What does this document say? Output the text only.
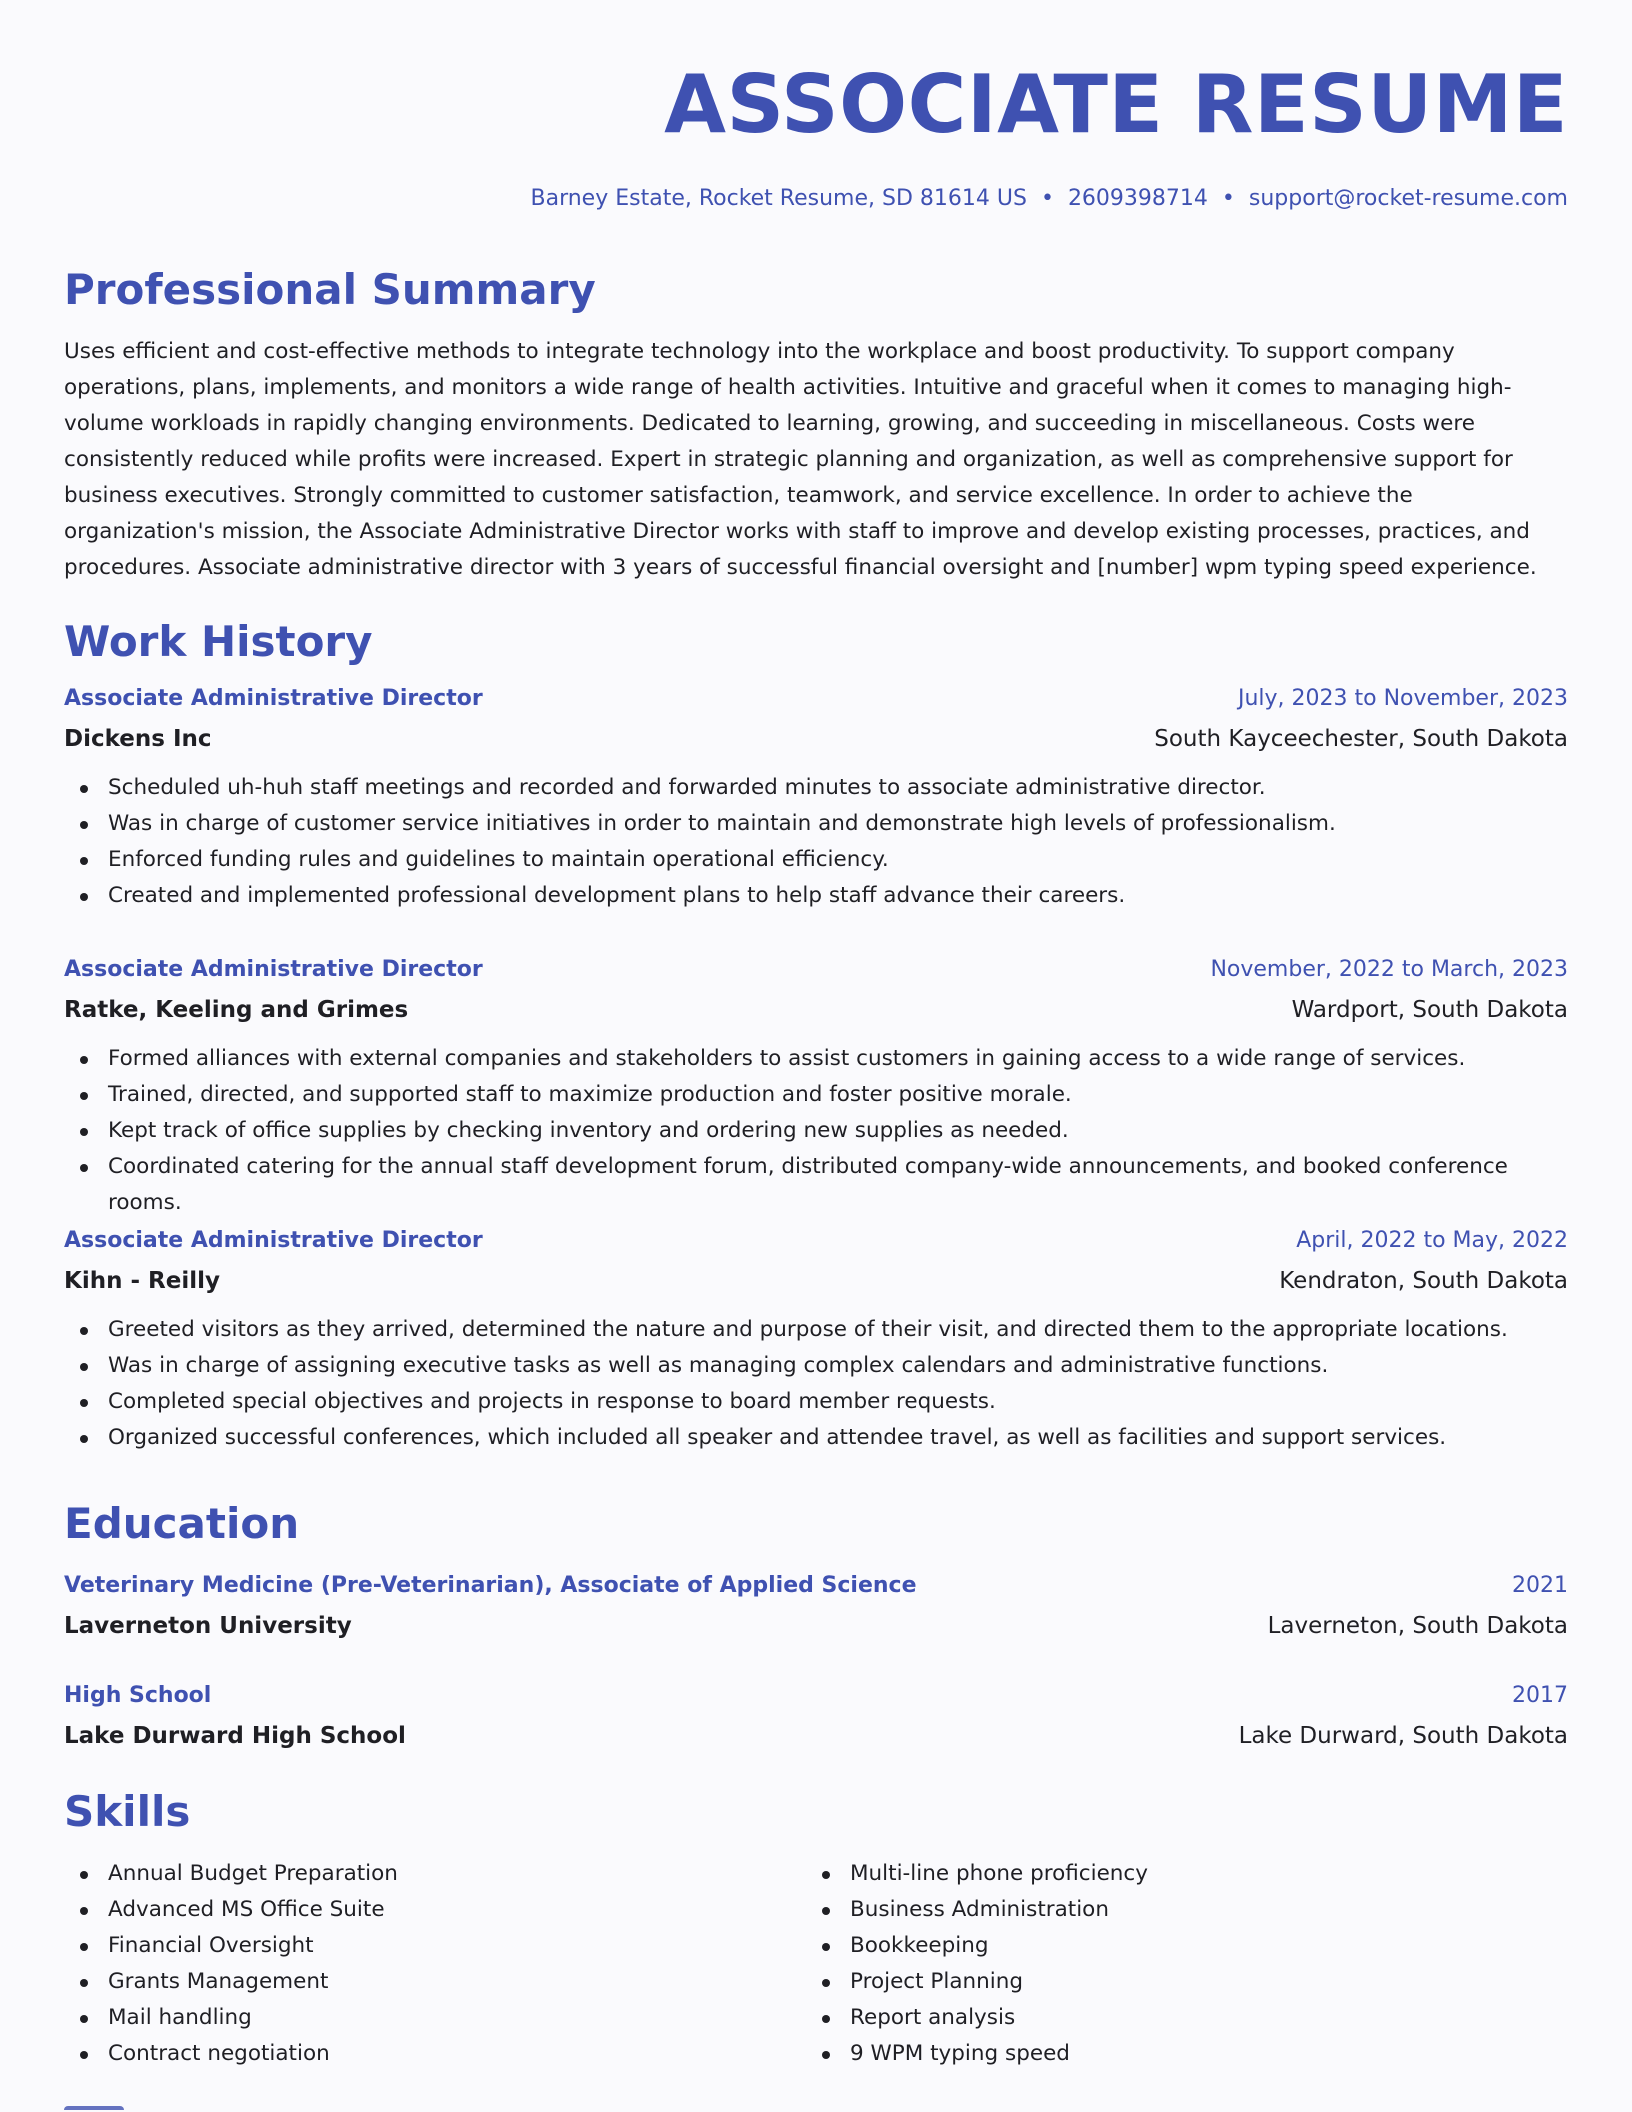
ASSOCIATE RESUME
Barney Estate, Rocket Resume, SD 81614 US • 2609398714 • support@rocket-resume.com
Professional Summary

Uses efficient and cost-effective methods to integrate technology into the workplace and boost productivity. To support company operations, plans, implements, and monitors a wide range of health activities. Intuitive and graceful when it comes to managing high-volume workloads in rapidly changing environments. Dedicated to learning, growing, and succeeding in miscellaneous. Costs were consistently reduced while profits were increased. Expert in strategic planning and organization, as well as comprehensive support for business executives. Strongly committed to customer satisfaction, teamwork, and service excellence. In order to achieve the organization's mission, the Associate Administrative Director works with staff to improve and develop existing processes, practices, and procedures. Associate administrative director with 3 years of successful financial oversight and [number] wpm typing speed experience.

Work History
Associate Administrative Director	July, 2023 to November, 2023
Dickens Inc	South Kayceechester, South Dakota
Scheduled uh-huh staff meetings and recorded and forwarded minutes to associate administrative director.
Was in charge of customer service initiatives in order to maintain and demonstrate high levels of professionalism.
Enforced funding rules and guidelines to maintain operational efficiency.
Created and implemented professional development plans to help staff advance their careers.
Associate Administrative Director	November, 2022 to March, 2023
Ratke, Keeling and Grimes	Wardport, South Dakota
Formed alliances with external companies and stakeholders to assist customers in gaining access to a wide range of services.
Trained, directed, and supported staff to maximize production and foster positive morale.
Kept track of office supplies by checking inventory and ordering new supplies as needed.
Coordinated catering for the annual staff development forum, distributed company-wide announcements, and booked conference rooms.
Associate Administrative Director	April, 2022 to May, 2022
Kihn - Reilly	Kendraton, South Dakota
Greeted visitors as they arrived, determined the nature and purpose of their visit, and directed them to the appropriate locations.
Was in charge of assigning executive tasks as well as managing complex calendars and administrative functions.
Completed special objectives and projects in response to board member requests.
Organized successful conferences, which included all speaker and attendee travel, as well as facilities and support services.
Education
Veterinary Medicine (Pre-Veterinarian), Associate of Applied Science	2021
Laverneton University	Laverneton, South Dakota
High School	2017
Lake Durward High School	Lake Durward, South Dakota
Skills
Annual Budget Preparation
Advanced MS Office Suite
Financial Oversight
Grants Management
Mail handling
Contract negotiation
Multi-line phone proficiency
Business Administration
Bookkeeping
Project Planning
Report analysis
9 WPM typing speed
